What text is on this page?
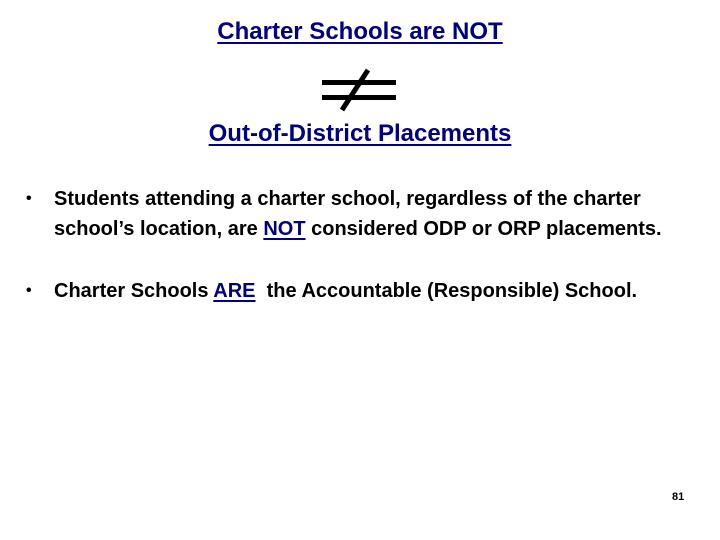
Charter Schools are NOT
Out-of-District Placements
• Students attending a charter school, regardless of the charter school’s location, are NOT considered ODP or ORP placements.
• Charter Schools ARE  the Accountable (Responsible) School.
81
